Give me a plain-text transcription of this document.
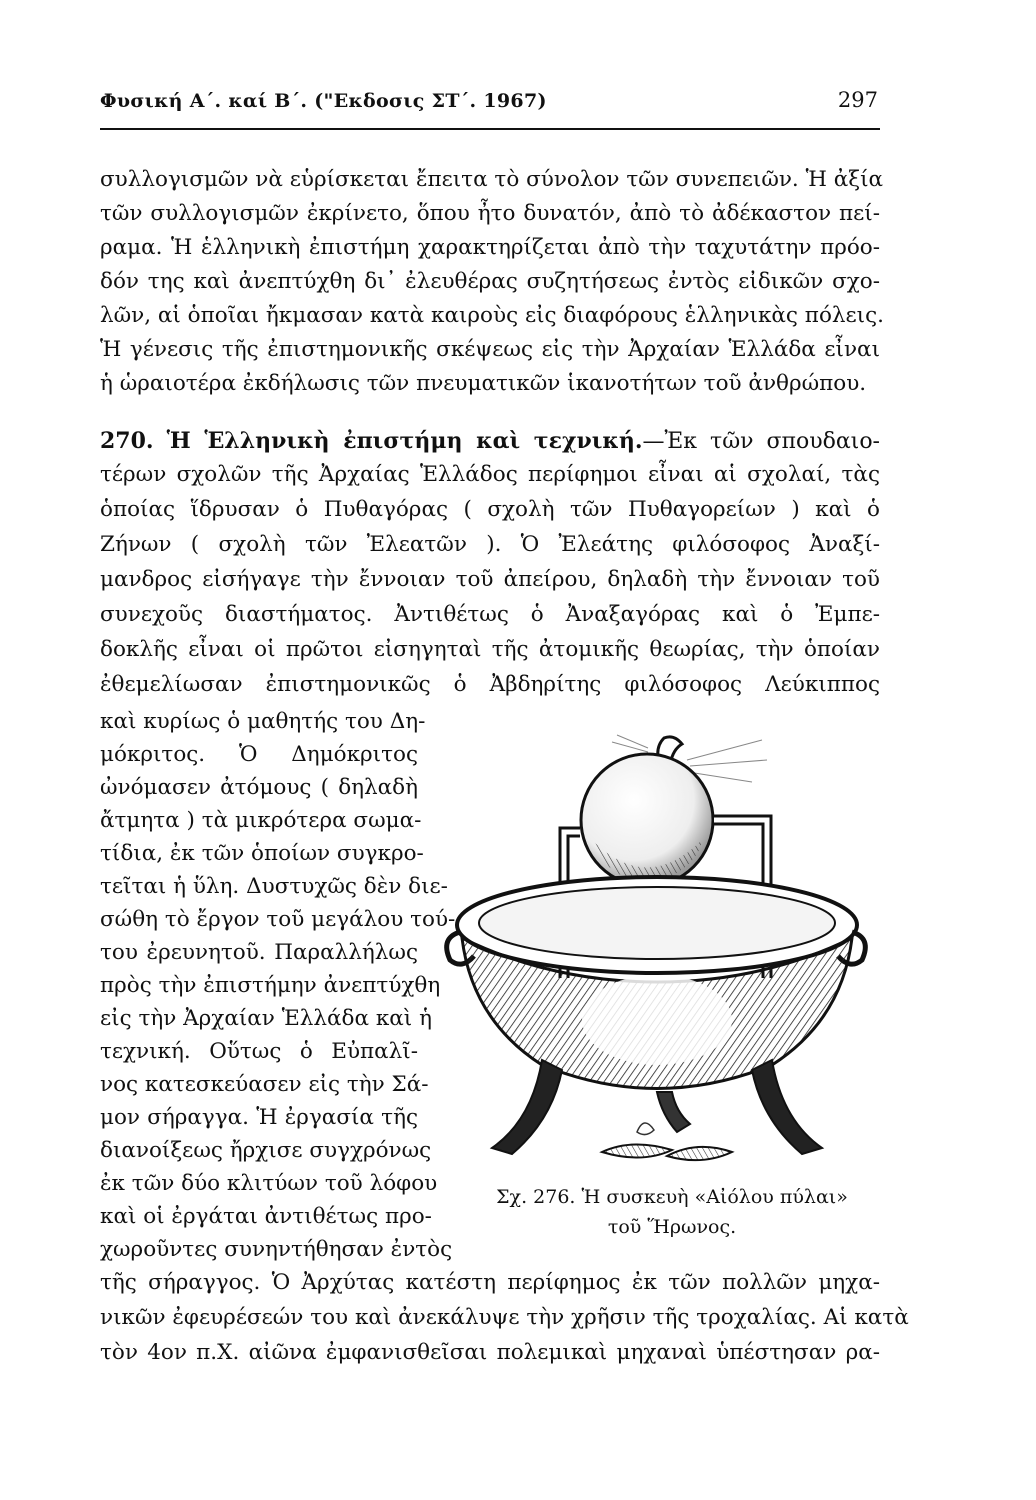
Φυσική Α΄. καί Β΄. ("Εκδοσις ΣΤ΄. 1967)	297
συλλογισμῶν νὰ εὑρίσκεται ἔπειτα τὸ σύνολον τῶν συνεπειῶν. Ἡ ἀξία
τῶν συλλογισμῶν ἐκρίνετο, ὅπου ἦτο δυνατόν, ἀπὸ τὸ ἀδέκαστον πεί-
ραμα. Ἡ ἑλληνικὴ ἐπιστήμη χαρακτηρίζεται ἀπὸ τὴν ταχυτάτην πρόο-
δόν της καὶ ἀνεπτύχθη δι᾽ ἐλευθέρας συζητήσεως ἐντὸς εἰδικῶν σχο-
λῶν, αἱ ὁποῖαι ἤκμασαν κατὰ καιροὺς εἰς διαφόρους ἑλληνικὰς πόλεις.
Ἡ γένεσις τῆς ἐπιστημονικῆς σκέψεως εἰς τὴν Ἀρχαίαν Ἑλλάδα εἶναι
ἡ ὡραιοτέρα ἐκδήλωσις τῶν πνευματικῶν ἱκανοτήτων τοῦ ἀνθρώπου.
270. Ἡ Ἑλληνικὴ ἐπιστήμη καὶ τεχνική.—Ἐκ τῶν σπουδαιο-
τέρων σχολῶν τῆς Ἀρχαίας Ἑλλάδος περίφημοι εἶναι αἱ σχολαί, τὰς
ὁποίας ἵδρυσαν ὁ Πυθαγόρας ( σχολὴ τῶν Πυθαγορείων ) καὶ ὁ
Ζήνων ( σχολὴ τῶν Ἐλεατῶν ). Ὁ Ἐλεάτης φιλόσοφος Ἀναξί-
μανδρος εἰσήγαγε τὴν ἔννοιαν τοῦ ἀπείρου, δηλαδὴ τὴν ἔννοιαν τοῦ
συνεχοῦς διαστήματος. Ἀντιθέτως ὁ Ἀναξαγόρας καὶ ὁ Ἐμπε-
δοκλῆς εἶναι οἱ πρῶτοι εἰσηγηταὶ τῆς ἀτομικῆς θεωρίας, τὴν ὁποίαν
ἐθεμελίωσαν ἐπιστημονικῶς ὁ Ἀβδηρίτης φιλόσοφος Λεύκιππος
καὶ κυρίως ὁ μαθητής του Δη-
μόκριτος. Ὁ Δημόκριτος
ὠνόμασεν ἀτόμους ( δηλαδὴ
ἄτμητα ) τὰ μικρότερα σωμα-
τίδια, ἐκ τῶν ὁποίων συγκρο-
τεῖται ἡ ὕλη. Δυστυχῶς δὲν διε-
σώθη τὸ ἔργον τοῦ μεγάλου τού-
του ἐρευνητοῦ. Παραλλήλως
πρὸς τὴν ἐπιστήμην ἀνεπτύχθη
εἰς τὴν Ἀρχαίαν Ἑλλάδα καὶ ἡ
τεχνική. Οὕτως ὁ Εὐπαλῖ-
νος κατεσκεύασεν εἰς τὴν Σά-
μον σήραγγα. Ἡ ἐργασία τῆς
διανοίξεως ἤρχισε συγχρόνως
ἐκ τῶν δύο κλιτύων τοῦ λόφου
καὶ οἱ ἐργάται ἀντιθέτως προ-
χωροῦντες συνηντήθησαν ἐντὸς
τῆς σήραγγος. Ὁ Ἀρχύτας κατέστη περίφημος ἐκ τῶν πολλῶν μηχα-
νικῶν ἐφευρέσεών του καὶ ἀνεκάλυψε τὴν χρῆσιν τῆς τροχαλίας. Αἱ κατὰ
τὸν 4ον π.Χ. αἰῶνα ἐμφανισθεῖσαι πολεμικαὶ μηχαναὶ ὑπέστησαν ρα-
Σχ. 276. Ἡ συσκευὴ «Αἰόλου πύλαι»
τοῦ Ἥρωνος.
